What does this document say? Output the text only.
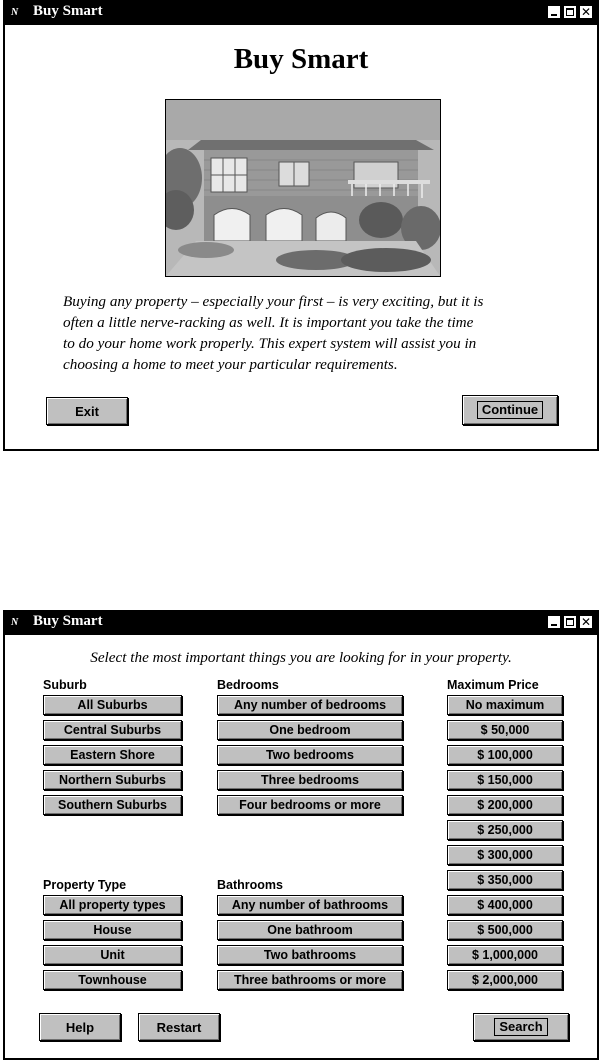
N Buy Smart	✕
Buy Smart
Buying any property – especially your first – is very exciting, but it is
often a little nerve-racking as well. It is important you take the time
to do your home work properly. This expert system will assist you in
choosing a home to meet your particular requirements.
Exit	Continue
N Buy Smart	✕
Select the most important things you are looking for in your property.
Suburb
All Suburbs
Central Suburbs
Eastern Shore
Northern Suburbs
Southern Suburbs
Bedrooms
Any number of bedrooms
One bedroom
Two bedrooms
Three bedrooms
Four bedrooms or more
Maximum Price
No maximum
$ 50,000
$ 100,000
$ 150,000
$ 200,000
$ 250,000
$ 300,000
$ 350,000
$ 400,000
$ 500,000
$ 1,000,000
$ 2,000,000
Property Type
All property types
House
Unit
Townhouse
Bathrooms
Any number of bathrooms
One bathroom
Two bathrooms
Three bathrooms or more
Help	Restart	Search
